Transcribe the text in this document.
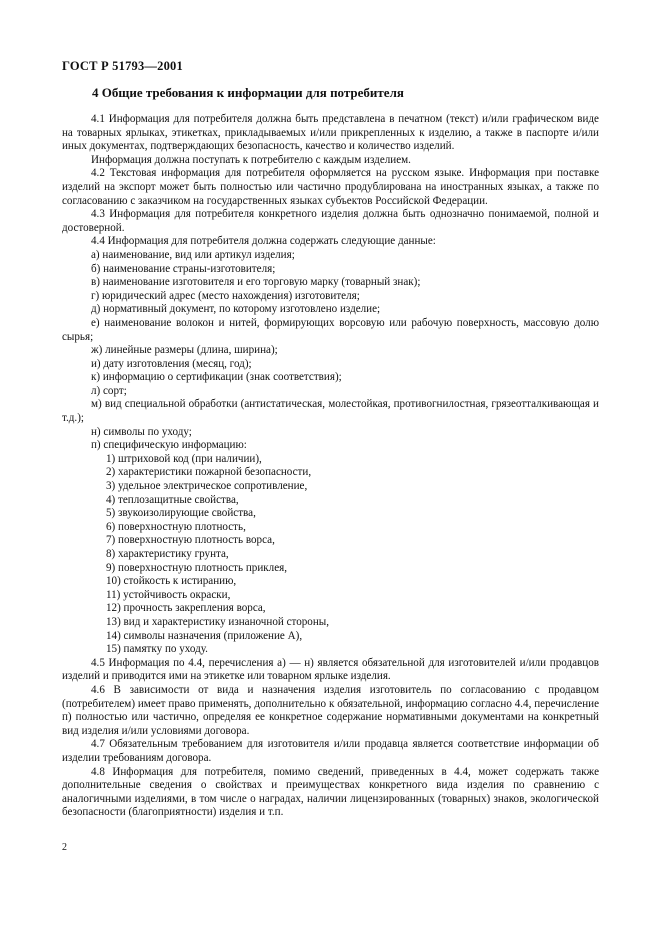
ГОСТ Р 51793—2001
4 Общие требования к информации для потребителя

4.1 Информация для потребителя должна быть представлена в печатном (текст) и/или графическом виде на товарных ярлыках, этикетках, прикладываемых и/или прикрепленных к изделию, а также в паспорте и/или иных документах, подтверждающих безопасность, качество и количество изделий.

Информация должна поступать к потребителю с каждым изделием.

4.2 Текстовая информация для потребителя оформляется на русском языке. Информация при поставке изделий на экспорт может быть полностью или частично продублирована на иностранных языках, а также по согласованию с заказчиком на государственных языках субъектов Российской Федерации.

4.3 Информация для потребителя конкретного изделия должна быть однозначно понимаемой, полной и достоверной.

4.4 Информация для потребителя должна содержать следующие данные:

а) наименование, вид или артикул изделия;

б) наименование страны-изготовителя;

в) наименование изготовителя и его торговую марку (товарный знак);

г) юридический адрес (место нахождения) изготовителя;

д) нормативный документ, по которому изготовлено изделие;

е) наименование волокон и нитей, формирующих ворсовую или рабочую поверхность, массовую долю сырья;

ж) линейные размеры (длина, ширина);

и) дату изготовления (месяц, год);

к) информацию о сертификации (знак соответствия);

л) сорт;

м) вид специальной обработки (антистатическая, молестойкая, противогнилостная, грязеотталкивающая и т.д.);

н) символы по уходу;

п) специфическую информацию:

1) штриховой код (при наличии),

2) характеристики пожарной безопасности,

3) удельное электрическое сопротивление,

4) теплозащитные свойства,

5) звукоизолирующие свойства,

6) поверхностную плотность,

7) поверхностную плотность ворса,

8) характеристику грунта,

9) поверхностную плотность приклея,

10) стойкость к истиранию,

11) устойчивость окраски,

12) прочность закрепления ворса,

13) вид и характеристику изнаночной стороны,

14) символы назначения (приложение А),

15) памятку по уходу.

4.5 Информация по 4.4, перечисления а) — н) является обязательной для изготовителей и/или продавцов изделий и приводится ими на этикетке или товарном ярлыке изделия.

4.6 В зависимости от вида и назначения изделия изготовитель по согласованию с продавцом (потребителем) имеет право применять, дополнительно к обязательной, информацию согласно 4.4, перечисление п) полностью или частично, определяя ее конкретное содержание нормативными документами на конкретный вид изделия и/или условиями договора.

4.7 Обязательным требованием для изготовителя и/или продавца является соответствие информации об изделии требованиям договора.

4.8 Информация для потребителя, помимо сведений, приведенных в 4.4, может содержать также дополнительные сведения о свойствах и преимуществах конкретного вида изделия по сравнению с аналогичными изделиями, в том числе о наградах, наличии лицензированных (товарных) знаков, экологической безопасности (благоприятности) изделия и т.п.

2
